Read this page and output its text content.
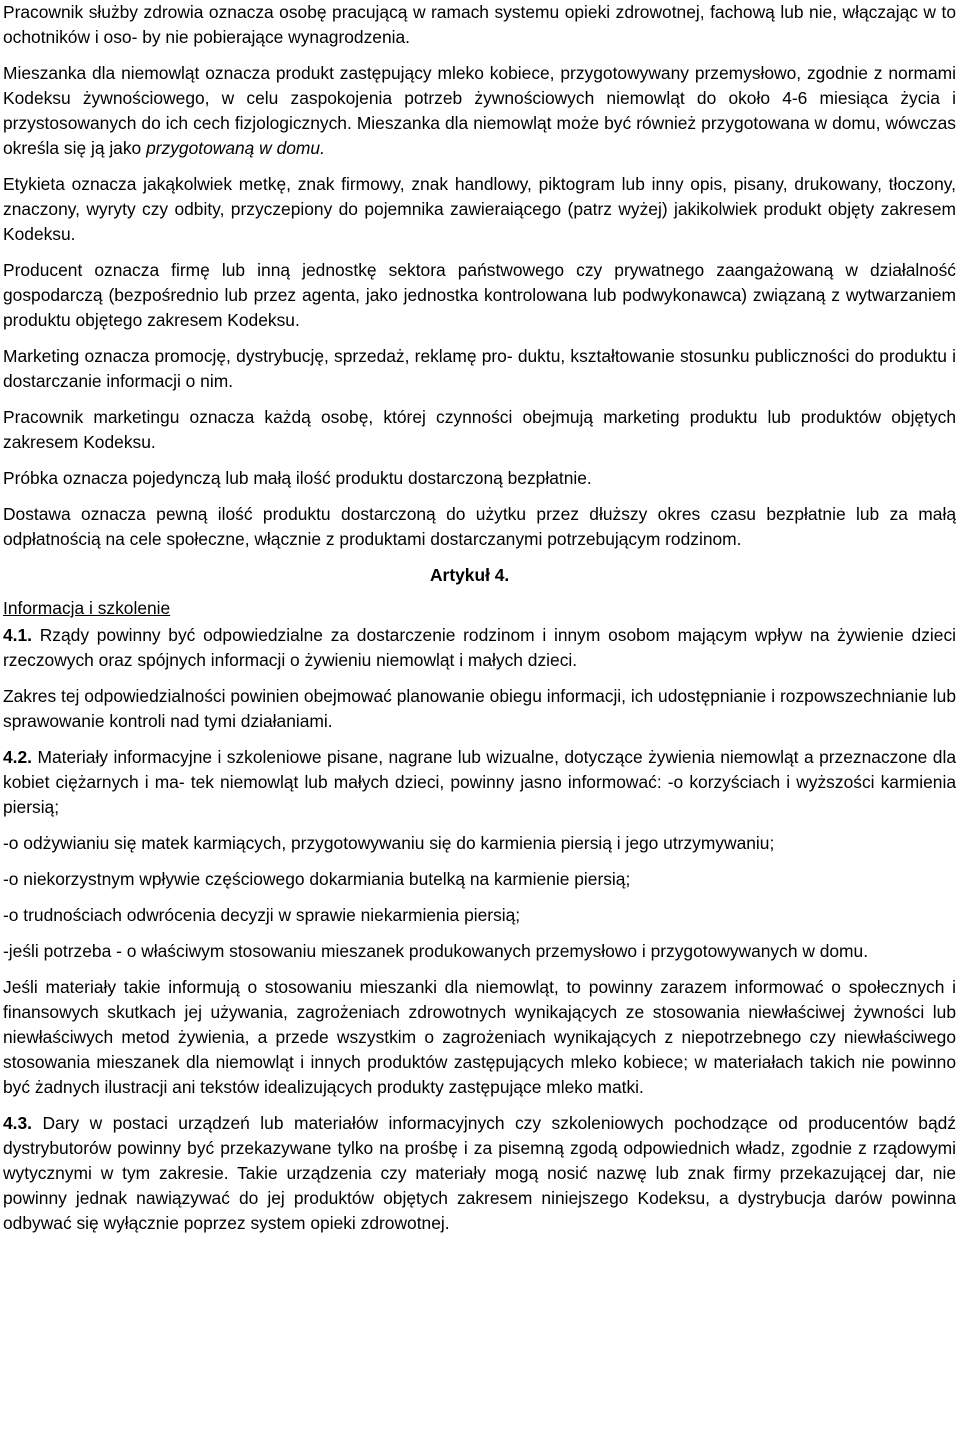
Pracownik służby zdrowia oznacza osobę pracującą w ramach systemu opieki zdrowotnej, fachową lub nie, włączając w to ochotników i oso- by nie pobierające wynagrodzenia.

Mieszanka dla niemowląt oznacza produkt zastępujący mleko kobiece, przygotowywany przemysłowo, zgodnie z normami Kodeksu żywnościowego, w celu zaspokojenia potrzeb żywnościowych niemowląt do około 4-6 miesiąca życia i przystosowanych do ich cech fizjologicznych. Mieszanka dla niemowląt może być również przygotowana w domu, wówczas określa się ją jako przygotowaną w domu.

Etykieta oznacza jakąkolwiek metkę, znak firmowy, znak handlowy, piktogram lub inny opis, pisany, drukowany, tłoczony, znaczony, wyryty czy odbity, przyczepiony do pojemnika zawieraiącego (patrz wyżej) jakikolwiek produkt objęty zakresem Kodeksu.

Producent oznacza firmę lub inną jednostkę sektora państwowego czy prywatnego zaangażowaną w działalność gospodarczą (bezpośrednio lub przez agenta, jako jednostka kontrolowana lub podwykonawca) związaną z wytwarzaniem produktu objętego zakresem Kodeksu.

Marketing oznacza promocję, dystrybucję, sprzedaż, reklamę pro- duktu, kształtowanie stosunku publiczności do produktu i dostarczanie informacji o nim.

Pracownik marketingu oznacza każdą osobę, której czynności obejmują marketing produktu lub produktów objętych zakresem Kodeksu.

Próbka oznacza pojedynczą lub małą ilość produktu dostarczoną bezpłatnie.

Dostawa oznacza pewną ilość produktu dostarczoną do użytku przez dłuższy okres czasu bezpłatnie lub za małą odpłatnością na cele społeczne, włącznie z produktami dostarczanymi potrzebującym rodzinom.

Artykuł 4.
Informacja i szkolenie

4.1. Rządy powinny być odpowiedzialne za dostarczenie rodzinom i innym osobom mającym wpływ na żywienie dzieci rzeczowych oraz spójnych informacji o żywieniu niemowląt i małych dzieci.

Zakres tej odpowiedzialności powinien obejmować planowanie obiegu informacji, ich udostępnianie i rozpowszechnianie lub sprawowanie kontroli nad tymi działaniami.

4.2. Materiały informacyjne i szkoleniowe pisane, nagrane lub wizualne, dotyczące żywienia niemowląt a przeznaczone dla kobiet ciężarnych i ma- tek niemowląt lub małych dzieci, powinny jasno informować: -o korzyściach i wyższości karmienia piersią;

-o odżywianiu się matek karmiących, przygotowywaniu się do karmienia piersią i jego utrzymywaniu;

-o niekorzystnym wpływie częściowego dokarmiania butelką na karmienie piersią;

-o trudnościach odwrócenia decyzji w sprawie niekarmienia piersią;

-jeśli potrzeba - o właściwym stosowaniu mieszanek produkowanych przemysłowo i przygotowywanych w domu.

Jeśli materiały takie informują o stosowaniu mieszanki dla niemowląt, to powinny zarazem informować o społecznych i finansowych skutkach jej używania, zagrożeniach zdrowotnych wynikających ze stosowania niewłaściwej żywności lub niewłaściwych metod żywienia, a przede wszystkim o zagrożeniach wynikających z niepotrzebnego czy niewłaściwego stosowania mieszanek dla niemowląt i innych produktów zastępujących mleko kobiece; w materiałach takich nie powinno być żadnych ilustracji ani tekstów idealizujących produkty zastępujące mleko matki.

4.3. Dary w postaci urządzeń lub materiałów informacyjnych czy szkoleniowych pochodzące od producentów bądź dystrybutorów powinny być przekazywane tylko na prośbę i za pisemną zgodą odpowiednich władz, zgodnie z rządowymi wytycznymi w tym zakresie. Takie urządzenia czy materiały mogą nosić nazwę lub znak firmy przekazującej dar, nie powinny jednak nawiązywać do jej produktów objętych zakresem niniejszego Kodeksu, a dystrybucja darów powinna odbywać się wyłącznie poprzez system opieki zdrowotnej.
